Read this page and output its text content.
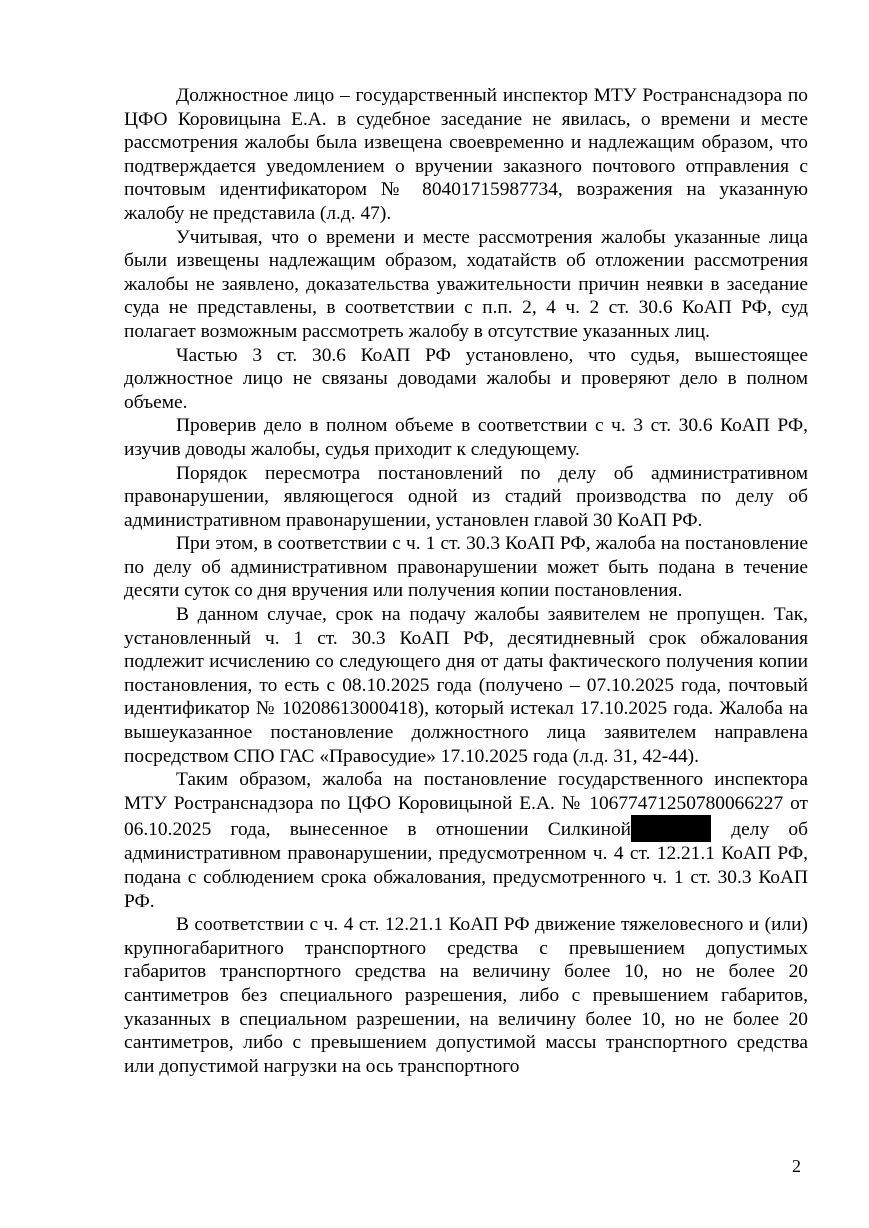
Должностное лицо – государственный инспектор МТУ Ространснадзора по ЦФО Коровицына Е.А. в судебное заседание не явилась, о времени и месте рассмотрения жалобы была извещена своевременно и надлежащим образом, что подтверждается уведомлением о вручении заказного почтового отправления с почтовым идентификатором № 80401715987734, возражения на указанную жалобу не представила (л.д. 47).

Учитывая, что о времени и месте рассмотрения жалобы указанные лица были извещены надлежащим образом, ходатайств об отложении рассмотрения жалобы не заявлено, доказательства уважительности причин неявки в заседание суда не представлены, в соответствии с п.п. 2, 4 ч. 2 ст. 30.6 КоАП РФ, суд полагает возможным рассмотреть жалобу в отсутствие указанных лиц.

Частью 3 ст. 30.6 КоАП РФ установлено, что судья, вышестоящее должностное лицо не связаны доводами жалобы и проверяют дело в полном объеме.

Проверив дело в полном объеме в соответствии с ч. 3 ст. 30.6 КоАП РФ, изучив доводы жалобы, судья приходит к следующему.

Порядок пересмотра постановлений по делу об административном правонарушении, являющегося одной из стадий производства по делу об административном правонарушении, установлен главой 30 КоАП РФ.

При этом, в соответствии с ч. 1 ст. 30.3 КоАП РФ, жалоба на постановление по делу об административном правонарушении может быть подана в течение десяти суток со дня вручения или получения копии постановления.

В данном случае, срок на подачу жалобы заявителем не пропущен. Так, установленный ч. 1 ст. 30.3 КоАП РФ, десятидневный срок обжалования подлежит исчислению со следующего дня от даты фактического получения копии постановления, то есть с 08.10.2025 года (получено – 07.10.2025 года, почтовый идентификатор № 10208613000418), который истекал 17.10.2025 года. Жалоба на вышеуказанное постановление должностного лица заявителем направлена посредством СПО ГАС «Правосудие» 17.10.2025 года (л.д. 31, 42-44).

Таким образом, жалоба на постановление государственного инспектора МТУ Ространснадзора по ЦФО Коровицыной Е.А. № 10677471250780066227 от 06.10.2025 года, вынесенное в отношении Силкиной	делу об административном правонарушении, предусмотренном ч. 4 ст. 12.21.1 КоАП РФ, подана с соблюдением срока обжалования, предусмотренного ч. 1 ст. 30.3 КоАП РФ.

В соответствии с ч. 4 ст. 12.21.1 КоАП РФ движение тяжеловесного и (или) крупногабаритного транспортного средства с превышением допустимых габаритов транспортного средства на величину более 10, но не более 20 сантиметров без специального разрешения, либо с превышением габаритов, указанных в специальном разрешении, на величину более 10, но не более 20 сантиметров, либо с превышением допустимой массы транспортного средства или допустимой нагрузки на ось транспортного

2
